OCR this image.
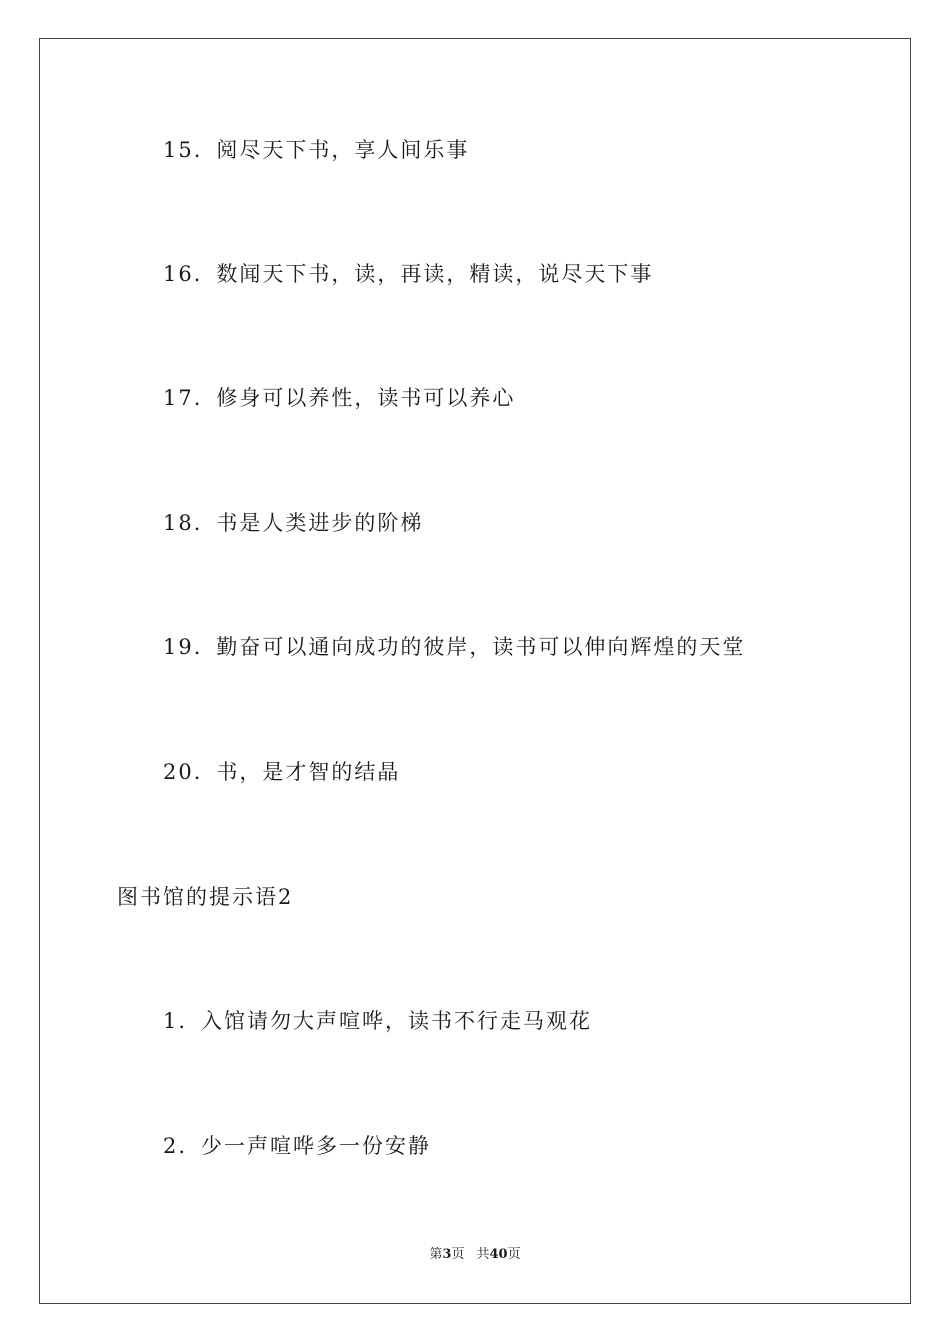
15. 阅尽天下书，享人间乐事
16. 数闻天下书，读，再读，精读，说尽天下事
17. 修身可以养性，读书可以养心
18. 书是人类进步的阶梯
19. 勤奋可以通向成功的彼岸，读书可以伸向辉煌的天堂
20. 书，是才智的结晶
图书馆的提示语2
1. 入馆请勿大声喧哗，读书不行走马观花
2. 少一声喧哗多一份安静
第3页 共40页
